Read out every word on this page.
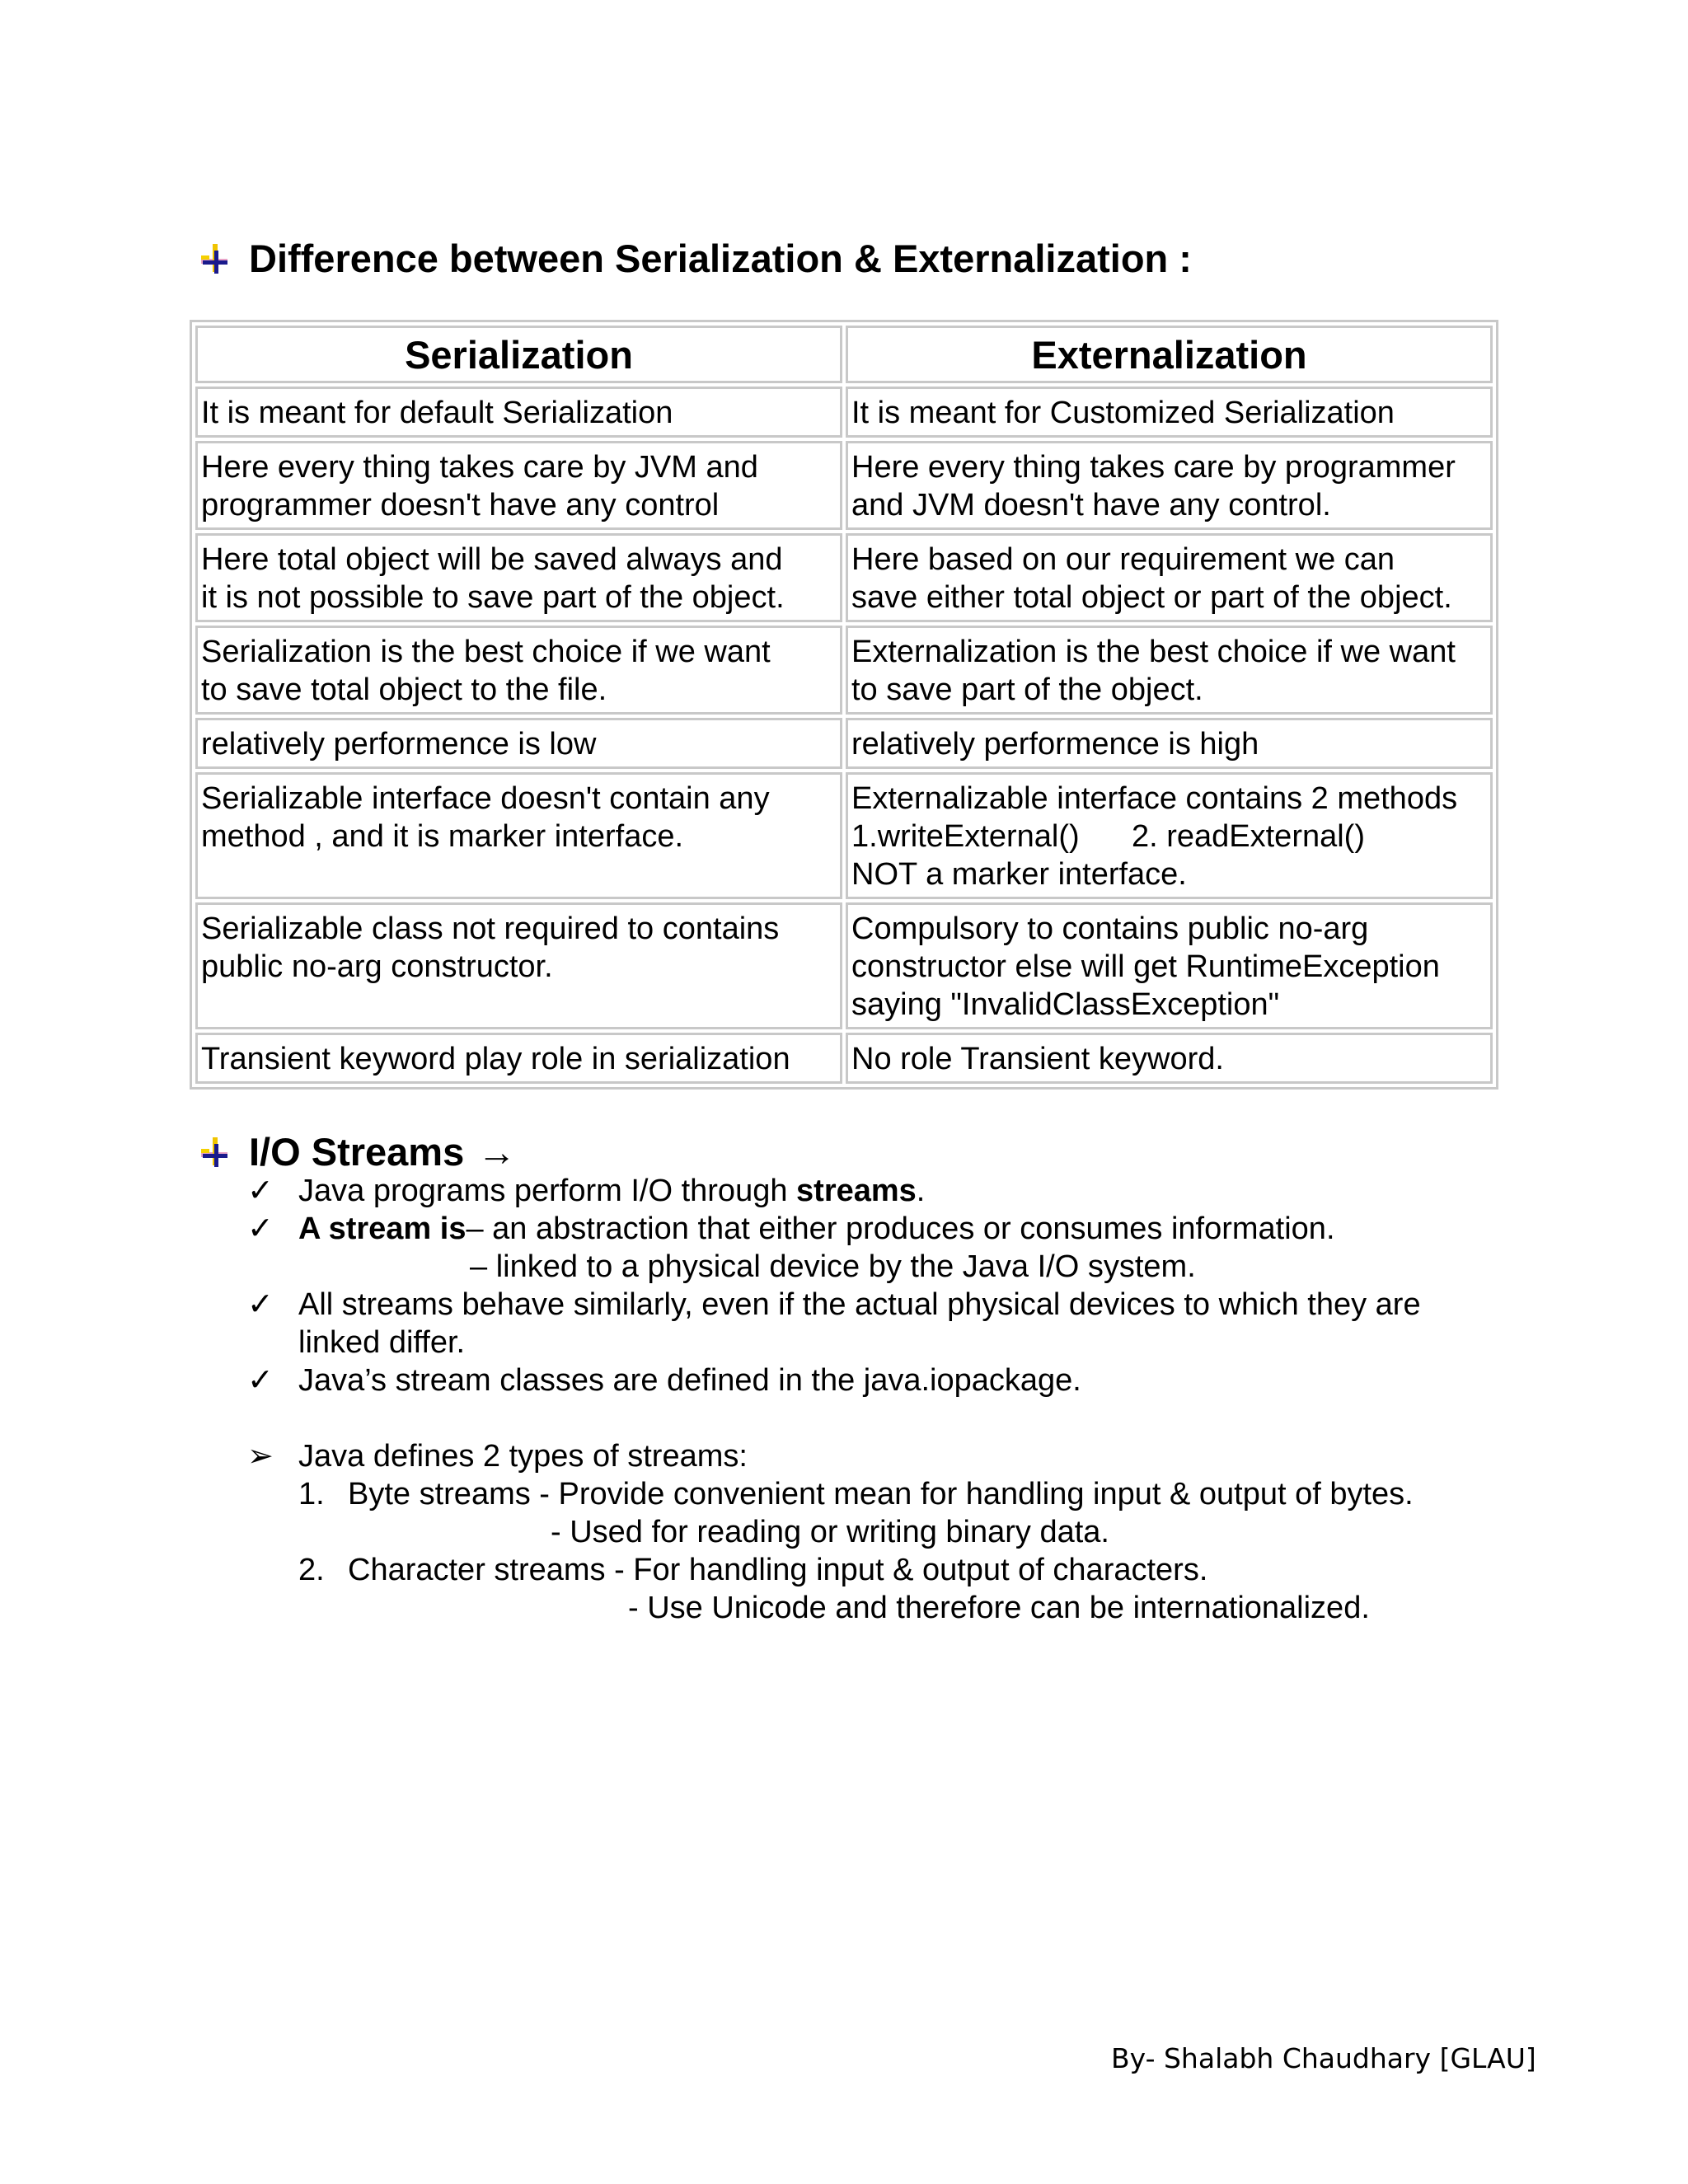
Difference between Serialization & Externalization :
Serialization	Externalization

It is meant for default Serialization	It is meant for Customized Serialization

Here every thing takes care by JVM and
programmer doesn't have any control	Here every thing takes care by programmer
and JVM doesn't have any control.

Here total object will be saved always and
it is not possible to save part of the object.	Here based on our requirement we can
save either total object or part of the object.

Serialization is the best choice if we want
to save total object to the file.	Externalization is the best choice if we want
to save part of the object.

relatively performence is low	relatively performence is high

Serializable interface doesn't contain any
method , and it is marker interface.	Externalizable interface contains 2 methods
1.writeExternal()      2. readExternal()
NOT a marker interface.

Serializable class not required to contains
public no-arg constructor.	Compulsory to contains public no-arg
constructor else will get RuntimeException
saying "InvalidClassException"

Transient keyword play role in serialization	No role Transient keyword.
I/O Streams →
✓ Java programs perform I/O through streams.
✓ A stream is– an abstraction that either produces or consumes information.
– linked to a physical device by the Java I/O system.
✓ All streams behave similarly, even if the actual physical devices to which they are linked differ.
✓ Java’s stream classes are defined in the java.iopackage.
➢ Java defines 2 types of streams:
1. Byte streams - Provide convenient mean for handling input & output of bytes.
- Used for reading or writing binary data.
2. Character streams - For handling input & output of characters.
- Use Unicode and therefore can be internationalized.
By- Shalabh Chaudhary [GLAU]
